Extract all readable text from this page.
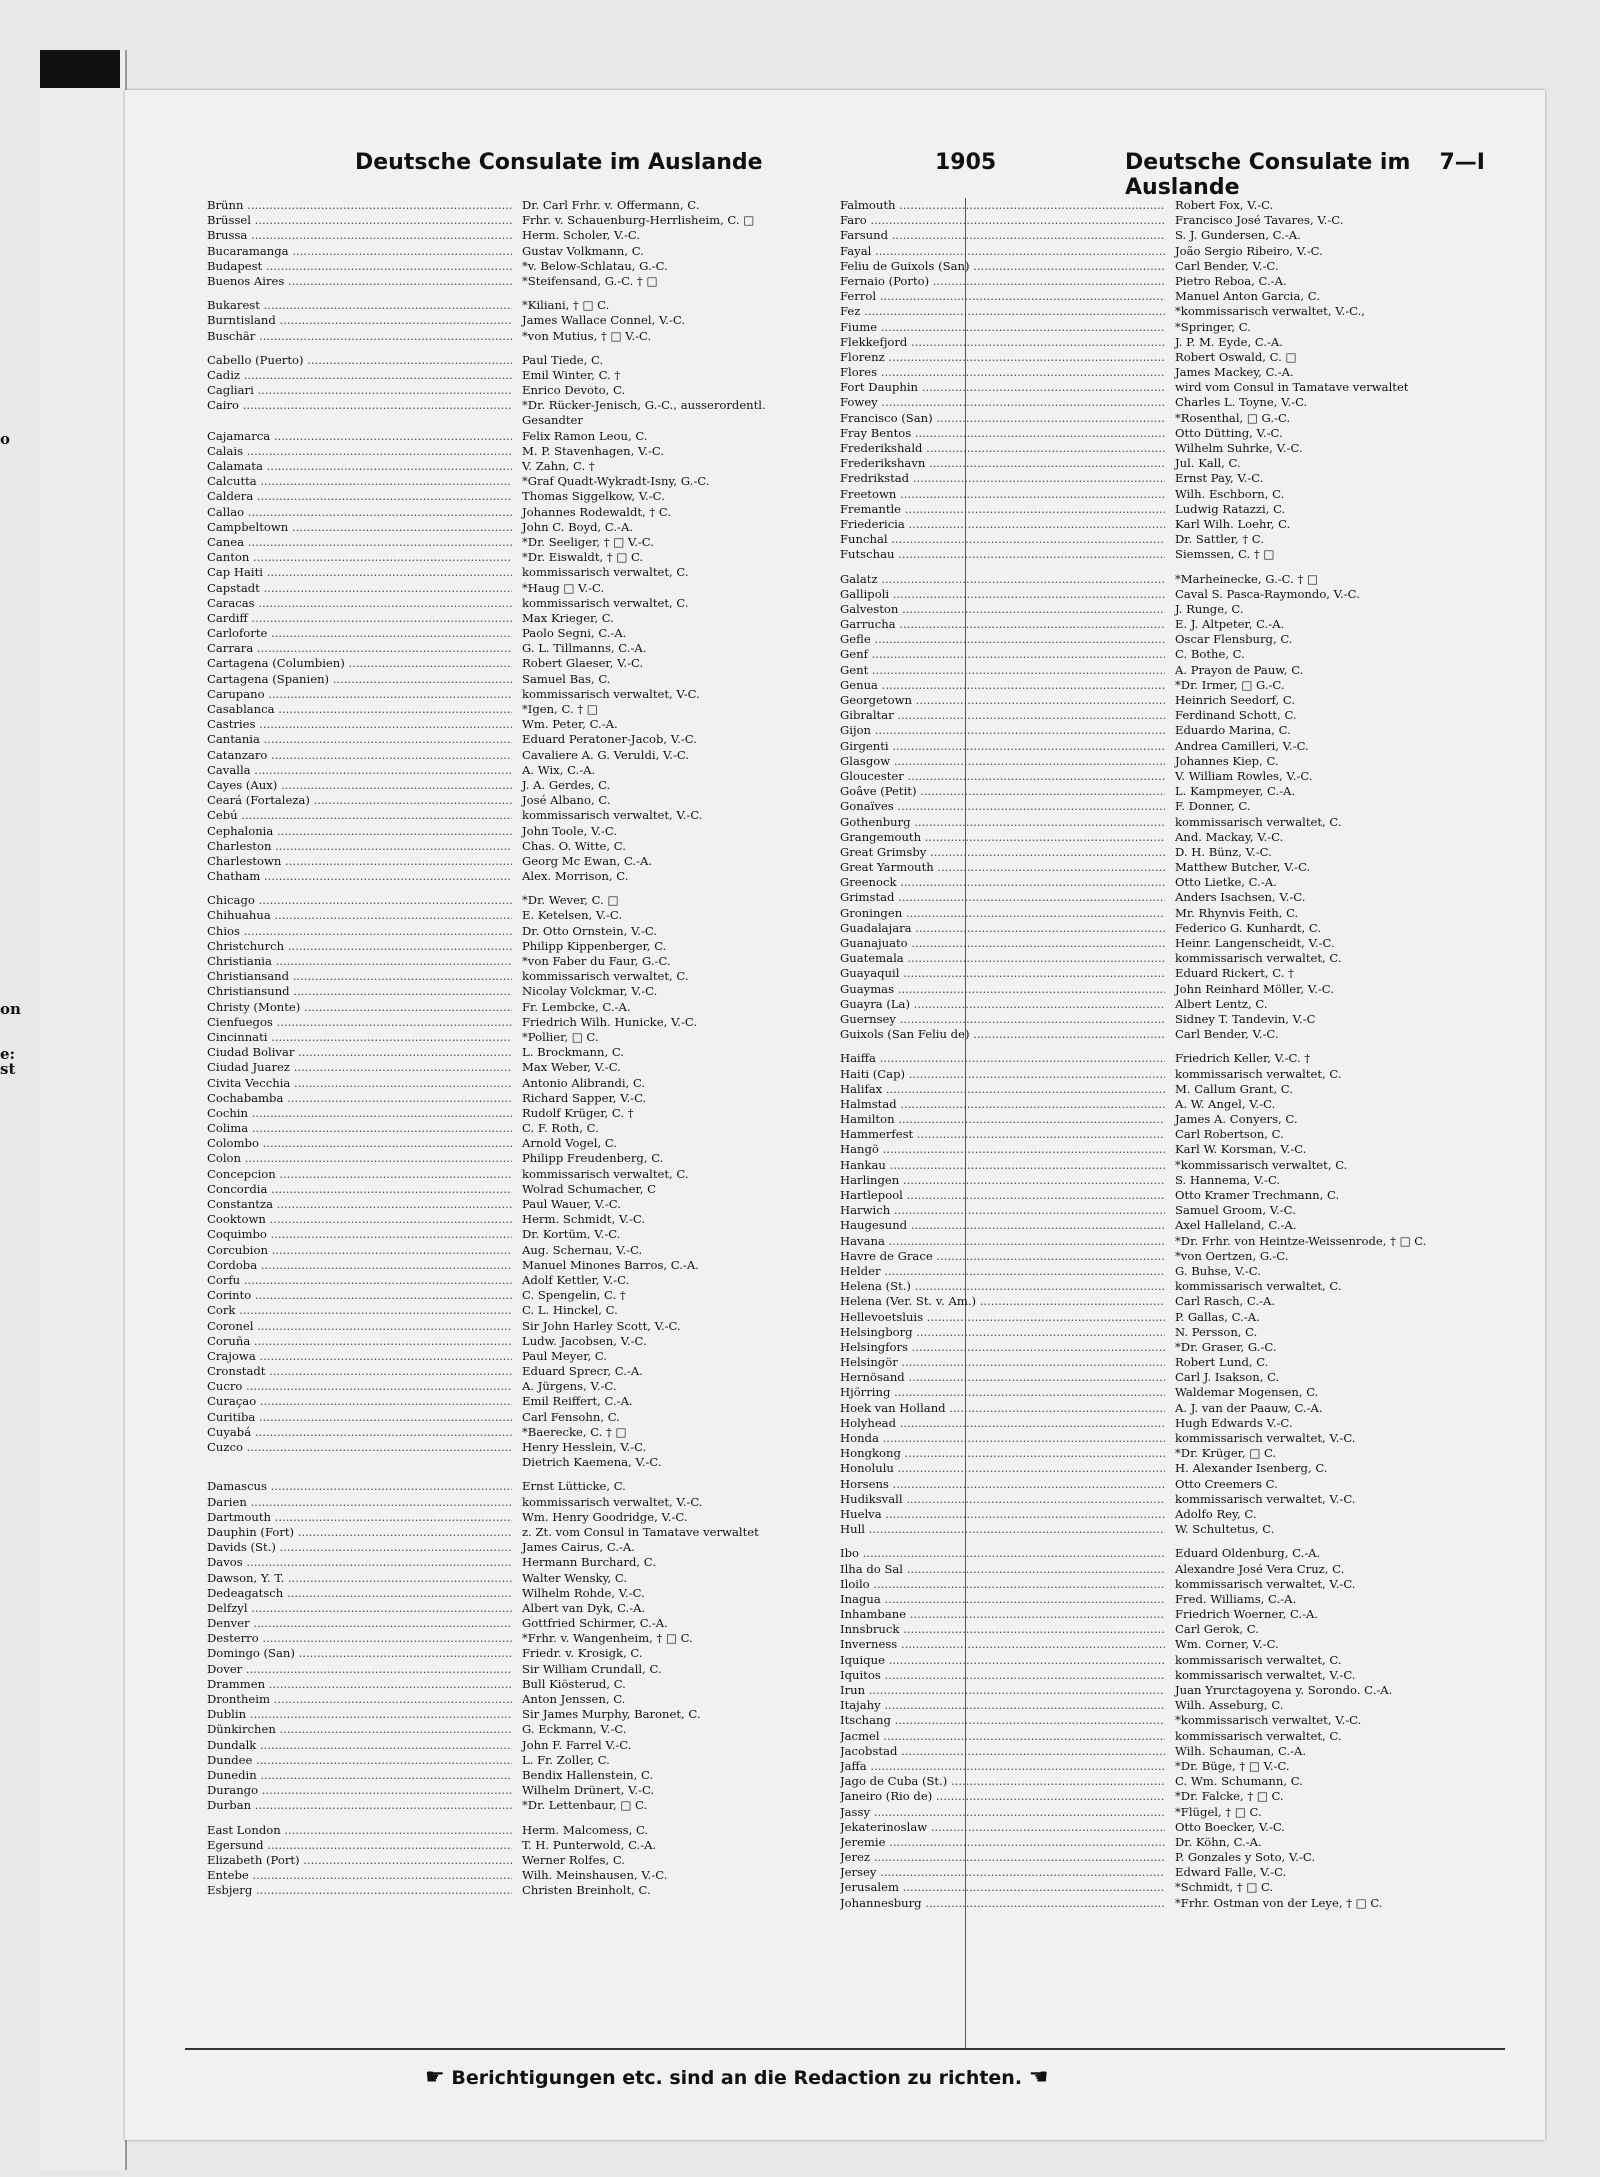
o
on
e:
st
Deutsche Consulate im Auslande	1905	Deutsche Consulate im Auslande
7—I
Brünn .....	Dr. Carl Frhr. v. Offermann, C.
Brüssel .....	Frhr. v. Schauenburg-Herrlisheim, C. □
Brussa .....	Herm. Scholer, V.-C.
Bucaramanga .....	Gustav Volkmann, C.
Budapest .....	*v. Below-Schlatau, G.-C.
Buenos Aires .....	*Steifensand, G.-C. † □
Bukarest .....	*Kiliani, † □ C.
Burntisland .....	James Wallace Connel, V.-C.
Buschär .....	*von Mutius, † □ V.-C.
Cabello (Puerto) .....	Paul Tiede, C.
Cadiz .....	Emil Winter, C. †
Cagliari .....	Enrico Devoto, C.
Cairo .....	*Dr. Rücker-Jenisch, G.-C., ausserordentl.
Gesandter
Cajamarca .....	Felix Ramon Leou, C.
Calais .....	M. P. Stavenhagen, V.-C.
Calamata .....	V. Zahn, C. †
Calcutta .....	*Graf Quadt-Wykradt-Isny, G.-C.
Caldera .....	Thomas Siggelkow, V.-C.
Callao .....	Johannes Rodewaldt, † C.
Campbeltown .....	John C. Boyd, C.-A.
Canea .....	*Dr. Seeliger, † □ V.-C.
Canton .....	*Dr. Eiswaldt, † □ C.
Cap Haiti .....	kommissarisch verwaltet, C.
Capstadt .....	*Haug □ V.-C.
Caracas .....	kommissarisch verwaltet, C.
Cardiff .....	Max Krieger, C.
Carloforte .....	Paolo Segni, C.-A.
Carrara .....	G. L. Tillmanns, C.-A.
Cartagena (Columbien) .....	Robert Glaeser, V.-C.
Cartagena (Spanien) .....	Samuel Bas, C.
Carupano .....	kommissarisch verwaltet, V-C.
Casablanca .....	*Igen, C. † □
Castries .....	Wm. Peter, C.-A.
Cantania .....	Eduard Peratoner-Jacob, V.-C.
Catanzaro .....	Cavaliere A. G. Veruldi, V.-C.
Cavalla .....	A. Wix, C.-A.
Cayes (Aux) .....	J. A. Gerdes, C.
Ceará (Fortaleza) .....	José Albano, C.
Cebú .....	kommissarisch verwaltet, V.-C.
Cephalonia .....	John Toole, V.-C.
Charleston .....	Chas. O. Witte, C.
Charlestown .....	Georg Mc Ewan, C.-A.
Chatham .....	Alex. Morrison, C.
Chicago .....	*Dr. Wever, C. □
Chihuahua .....	E. Ketelsen, V.-C.
Chios .....	Dr. Otto Ornstein, V.-C.
Christchurch .....	Philipp Kippenberger, C.
Christiania .....	*von Faber du Faur, G.-C.
Christiansand .....	kommissarisch verwaltet, C.
Christiansund .....	Nicolay Volckmar, V.-C.
Christy (Monte) .....	Fr. Lembcke, C.-A.
Cienfuegos .....	Friedrich Wilh. Hunicke, V.-C.
Cincinnati .....	*Pollier, □ C.
Ciudad Bolivar .....	L. Brockmann, C.
Ciudad Juarez .....	Max Weber, V.-C.
Civita Vecchia .....	Antonio Alibrandi, C.
Cochabamba .....	Richard Sapper, V.-C.
Cochin .....	Rudolf Krüger, C. †
Colima .....	C. F. Roth, C.
Colombo .....	Arnold Vogel, C.
Colon .....	Philipp Freudenberg, C.
Concepcion .....	kommissarisch verwaltet, C.
Concordia .....	Wolrad Schumacher, C
Constantza .....	Paul Wauer, V.-C.
Cooktown .....	Herm. Schmidt, V.-C.
Coquimbo .....	Dr. Kortüm, V.-C.
Corcubion .....	Aug. Schernau, V.-C.
Cordoba .....	Manuel Minones Barros, C.-A.
Corfu .....	Adolf Kettler, V.-C.
Corinto .....	C. Spengelin, C. †
Cork .....	C. L. Hinckel, C.
Coronel .....	Sir John Harley Scott, V.-C.
Coruña .....	Ludw. Jacobsen, V.-C.
Crajowa .....	Paul Meyer, C.
Cronstadt .....	Eduard Sprecr, C.-A.
Cucro .....	A. Jürgens, V.-C.
Curaçao .....	Emil Reiffert, C.-A.
Curitiba .....	Carl Fensohn, C.
Cuyabá .....	*Baerecke, C. † □
Cuzco .....	Henry Hesslein, V.-C.
Dietrich Kaemena, V.-C.
Damascus .....	Ernst Lütticke, C.
Darien .....	kommissarisch verwaltet, V.-C.
Dartmouth .....	Wm. Henry Goodridge, V.-C.
Dauphin (Fort) .....	z. Zt. vom Consul in Tamatave verwaltet
Davids (St.) .....	James Cairus, C.-A.
Davos .....	Hermann Burchard, C.
Dawson, Y. T. .....	Walter Wensky, C.
Dedeagatsch .....	Wilhelm Rohde, V.-C.
Delfzyl .....	Albert van Dyk, C.-A.
Denver .....	Gottfried Schirmer, C.-A.
Desterro .....	*Frhr. v. Wangenheim, † □ C.
Domingo (San) .....	Friedr. v. Krosigk, C.
Dover .....	Sir William Crundall, C.
Drammen .....	Bull Kiösterud, C.
Drontheim .....	Anton Jenssen, C.
Dublin .....	Sir James Murphy, Baronet, C.
Dünkirchen .....	G. Eckmann, V.-C.
Dundalk .....	John F. Farrel V.-C.
Dundee .....	L. Fr. Zoller, C.
Dunedin .....	Bendix Hallenstein, C.
Durango .....	Wilhelm Drünert, V.-C.
Durban .....	*Dr. Lettenbaur, □ C.
East London .....	Herm. Malcomess, C.
Egersund .....	T. H. Punterwold, C.-A.
Elizabeth (Port) .....	Werner Rolfes, C.
Entebe .....	Wilh. Meinshausen, V.-C.
Esbjerg .....	Christen Breinholt, C.
Falmouth .....	Robert Fox, V.-C.
Faro .....	Francisco José Tavares, V.-C.
Farsund .....	S. J. Gundersen, C.-A.
Fayal .....	João Sergio Ribeiro, V.-C.
Feliu de Guixols (San) .....	Carl Bender, V.-C.
Fernaio (Porto) .....	Pietro Reboa, C.-A.
Ferrol .....	Manuel Anton Garcia, C.
Fez .....	*kommissarisch verwaltet, V.-C.,
Fiume .....	*Springer, C.
Flekkefjord .....	J. P. M. Eyde, C.-A.
Florenz .....	Robert Oswald, C. □
Flores .....	James Mackey, C.-A.
Fort Dauphin .....	wird vom Consul in Tamatave verwaltet
Fowey .....	Charles L. Toyne, V.-C.
Francisco (San) .....	*Rosenthal, □ G.-C.
Fray Bentos .....	Otto Dütting, V.-C.
Frederikshald .....	Wilhelm Suhrke, V.-C.
Frederikshavn .....	Jul. Kall, C.
Fredrikstad .....	Ernst Pay, V.-C.
Freetown .....	Wilh. Eschborn, C.
Fremantle .....	Ludwig Ratazzi, C.
Friedericia .....	Karl Wilh. Loehr, C.
Funchal .....	Dr. Sattler, † C.
Futschau .....	Siemssen, C. † □
Galatz .....	*Marheinecke, G.-C. † □
Gallipoli .....	Caval S. Pasca-Raymondo, V.-C.
Galveston .....	J. Runge, C.
Garrucha .....	E. J. Altpeter, C.-A.
Gefle .....	Oscar Flensburg, C.
Genf .....	C. Bothe, C.
Gent .....	A. Prayon de Pauw, C.
Genua .....	*Dr. Irmer, □ G.-C.
Georgetown .....	Heinrich Seedorf, C.
Gibraltar .....	Ferdinand Schott, C.
Gijon .....	Eduardo Marina, C.
Girgenti .....	Andrea Camilleri, V.-C.
Glasgow .....	Johannes Kiep, C.
Gloucester .....	V. William Rowles, V.-C.
Goâve (Petit) .....	L. Kampmeyer, C.-A.
Gonaïves .....	F. Donner, C.
Gothenburg .....	kommissarisch verwaltet, C.
Grangemouth .....	And. Mackay, V.-C.
Great Grimsby .....	D. H. Bünz, V.-C.
Great Yarmouth .....	Matthew Butcher, V.-C.
Greenock .....	Otto Lietke, C.-A.
Grimstad .....	Anders Isachsen, V.-C.
Groningen .....	Mr. Rhynvis Feith, C.
Guadalajara .....	Federico G. Kunhardt, C.
Guanajuato .....	Heinr. Langenscheidt, V.-C.
Guatemala .....	kommissarisch verwaltet, C.
Guayaquil .....	Eduard Rickert, C. †
Guaymas .....	John Reinhard Möller, V.-C.
Guayra (La) .....	Albert Lentz, C.
Guernsey .....	Sidney T. Tandevin, V.-C
Guixols (San Feliu de) .....	Carl Bender, V.-C.
Haiffa .....	Friedrich Keller, V.-C. †
Haiti (Cap) .....	kommissarisch verwaltet, C.
Halifax .....	M. Callum Grant, C.
Halmstad .....	A. W. Angel, V.-C.
Hamilton .....	James A. Conyers, C.
Hammerfest .....	Carl Robertson, C.
Hangö .....	Karl W. Korsman, V.-C.
Hankau .....	*kommissarisch verwaltet, C.
Harlingen .....	S. Hannema, V.-C.
Hartlepool .....	Otto Kramer Trechmann, C.
Harwich .....	Samuel Groom, V.-C.
Haugesund .....	Axel Halleland, C.-A.
Havana .....	*Dr. Frhr. von Heintze-Weissenrode, † □ C.
Havre de Grace .....	*von Oertzen, G.-C.
Helder .....	G. Buhse, V.-C.
Helena (St.) .....	kommissarisch verwaltet, C.
Helena (Ver. St. v. Am.) .....	Carl Rasch, C.-A.
Hellevoetsluis .....	P. Gallas, C.-A.
Helsingborg .....	N. Persson, C.
Helsingfors .....	*Dr. Graser, G.-C.
Helsingör .....	Robert Lund, C.
Hernösand .....	Carl J. Isakson, C.
Hjörring .....	Waldemar Mogensen, C.
Hoek van Holland .....	A. J. van der Paauw, C.-A.
Holyhead .....	Hugh Edwards V.-C.
Honda .....	kommissarisch verwaltet, V.-C.
Hongkong .....	*Dr. Krüger, □ C.
Honolulu .....	H. Alexander Isenberg, C.
Horsens .....	Otto Creemers C.
Hudiksvall .....	kommissarisch verwaltet, V.-C.
Huelva .....	Adolfo Rey, C.
Hull .....	W. Schultetus, C.
Ibo .....	Eduard Oldenburg, C.-A.
Ilha do Sal .....	Alexandre José Vera Cruz, C.
Iloilo .....	kommissarisch verwaltet, V.-C.
Inagua .....	Fred. Williams, C.-A.
Inhambane .....	Friedrich Woerner, C.-A.
Innsbruck .....	Carl Gerok, C.
Inverness .....	Wm. Corner, V.-C.
Iquique .....	kommissarisch verwaltet, C.
Iquitos .....	kommissarisch verwaltet, V.-C.
Irun .....	Juan Yrurctagoyena y. Sorondo. C.-A.
Itajahy .....	Wilh. Asseburg, C.
Itschang .....	*kommissarisch verwaltet, V.-C.
Jacmel .....	kommissarisch verwaltet, C.
Jacobstad .....	Wilh. Schauman, C.-A.
Jaffa .....	*Dr. Büge, † □ V.-C.
Jago de Cuba (St.) .....	C. Wm. Schumann, C.
Janeiro (Rio de) .....	*Dr. Falcke, † □ C.
Jassy .....	*Flügel, † □ C.
Jekaterinoslaw .....	Otto Boecker, V.-C.
Jeremie .....	Dr. Köhn, C.-A.
Jerez .....	P. Gonzales y Soto, V.-C.
Jersey .....	Edward Falle, V.-C.
Jerusalem .....	*Schmidt, † □ C.
Johannesburg .....	*Frhr. Ostman von der Leye, † □ C.
☛ Berichtigungen etc. sind an die Redaction zu richten. ☚
